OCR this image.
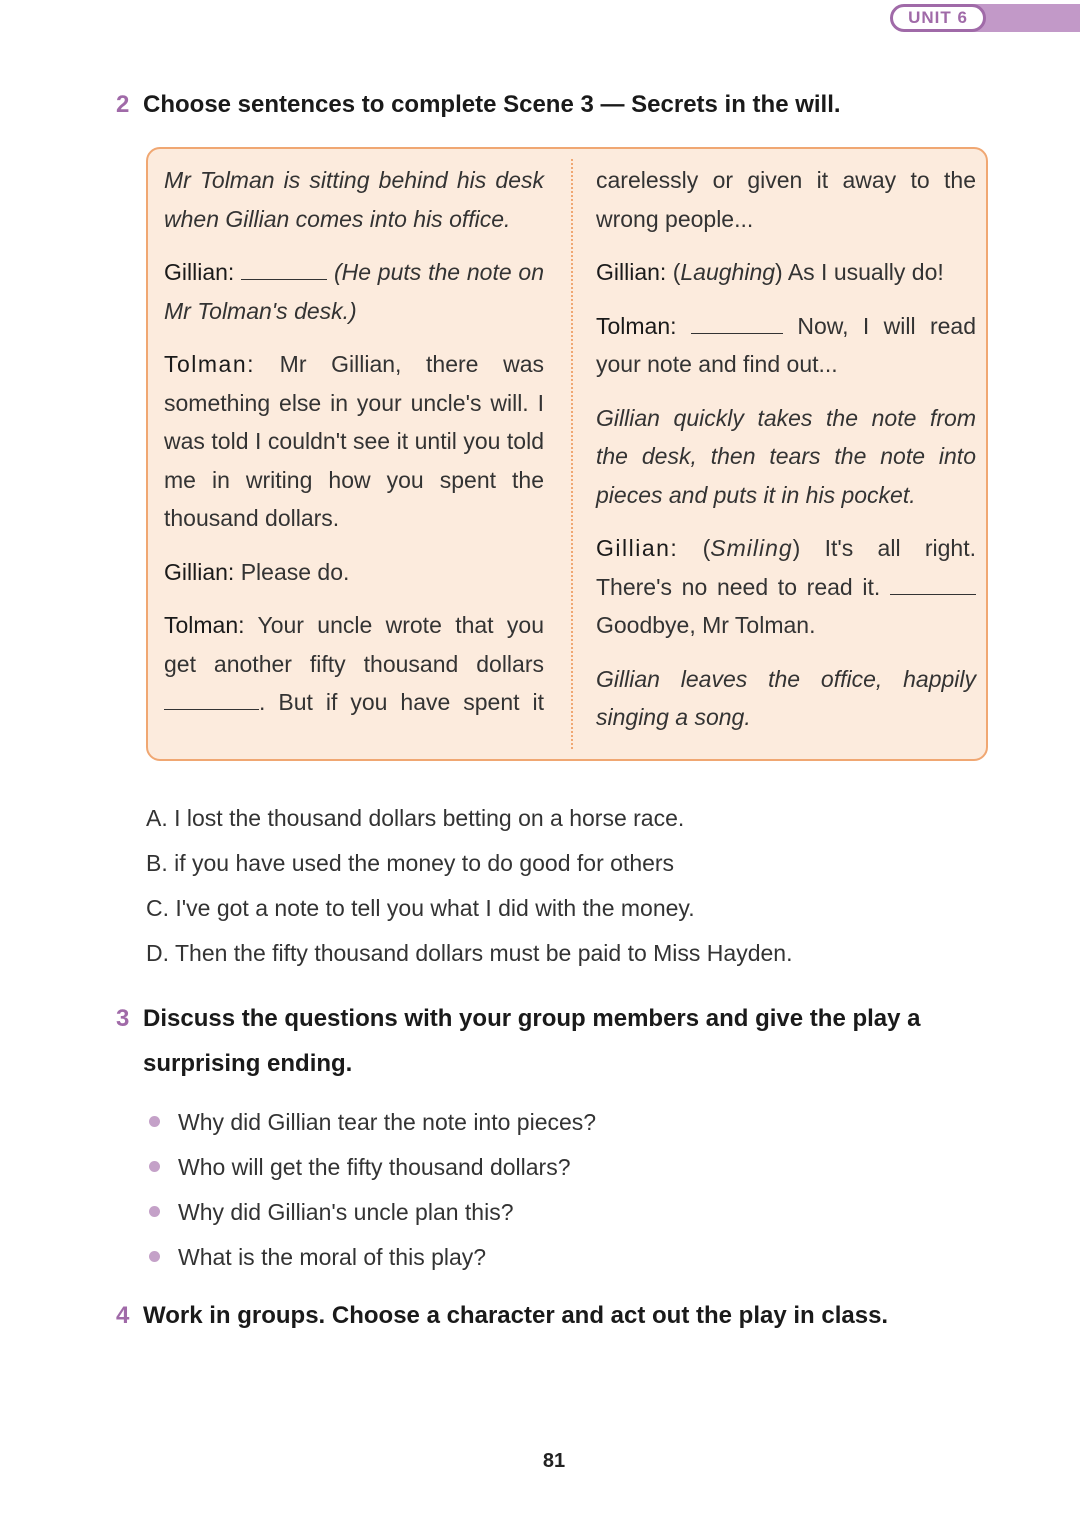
UNIT 6
2 Choose sentences to complete Scene 3 — Secrets in the will.

Mr Tolman is sitting behind his desk when Gillian comes into his office.

Gillian:	(He puts the note on Mr Tolman's desk.)

Tolman: Mr Gillian, there was something else in your uncle's will. I was told I couldn't see it until you told me in writing how you spent the thousand dollars.

Gillian: Please do.

Tolman: Your uncle wrote that you get another fifty thousand dollars . But if you have spent it

carelessly or given it away to the wrong people...

Gillian: (Laughing) As I usually do!

Tolman:	Now, I will read your note and find out...

Gillian quickly takes the note from the desk, then tears the note into pieces and puts it in his pocket.

Gillian: (Smiling) It's all right. There's no need to read it.  Goodbye, Mr Tolman.

Gillian leaves the office, happily singing a song.

A. I lost the thousand dollars betting on a horse race.
B. if you have used the money to do good for others
C. I've got a note to tell you what I did with the money.
D. Then the fifty thousand dollars must be paid to Miss Hayden.
3 Discuss the questions with your group members and give the play a surprising ending.
Why did Gillian tear the note into pieces?
Who will get the fifty thousand dollars?
Why did Gillian's uncle plan this?
What is the moral of this play?
4 Work in groups. Choose a character and act out the play in class.
81
